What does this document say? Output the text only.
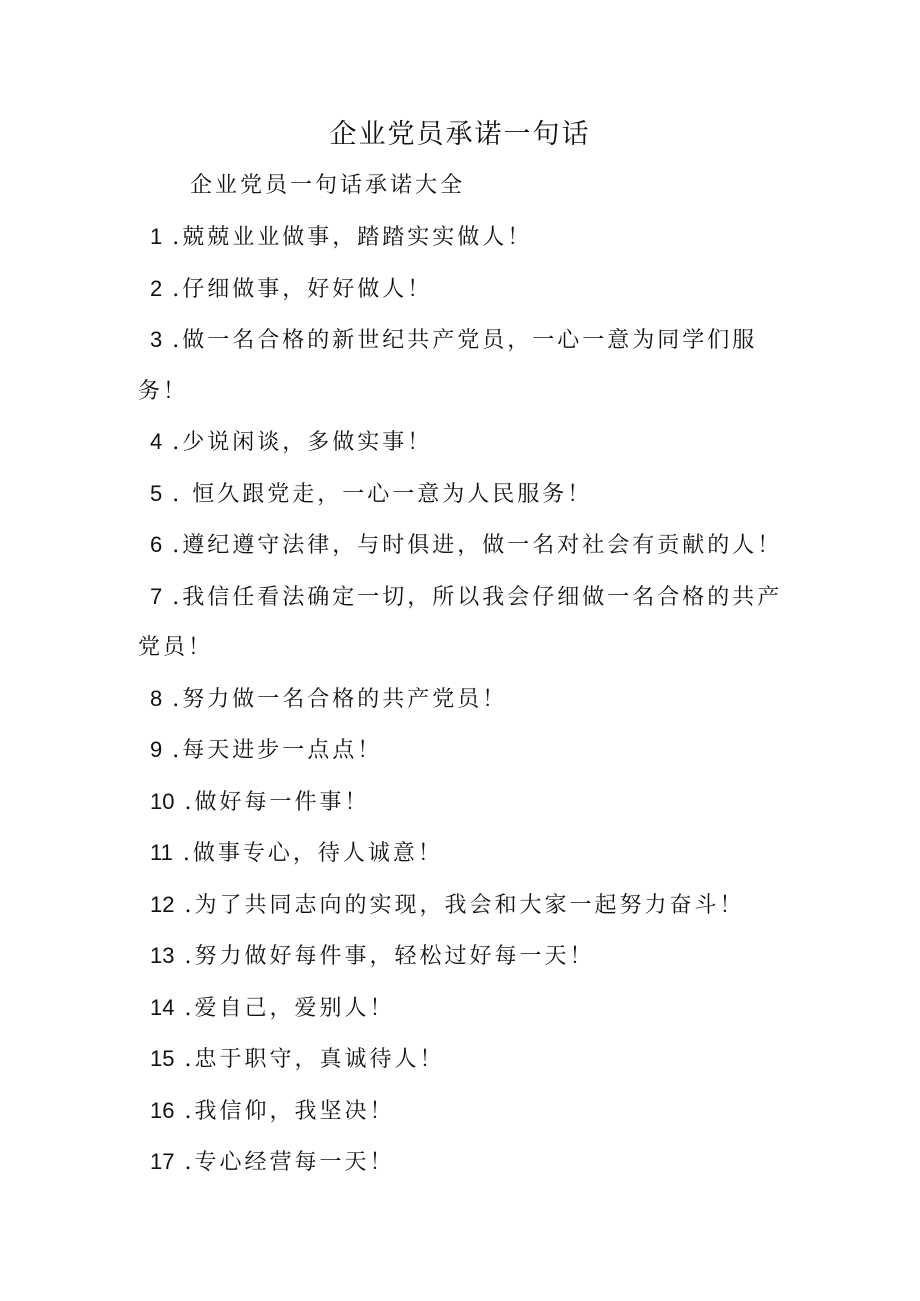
企业党员承诺一句话

企业党员一句话承诺大全

1 .兢兢业业做事，踏踏实实做人！
2 .仔细做事，好好做人！
3 .做一名合格的新世纪共产党员，一心一意为同学们服务！
4 .少说闲谈，多做实事！
5 . 恒久跟党走，一心一意为人民服务！
6 .遵纪遵守法律，与时俱进，做一名对社会有贡献的人！
7 .我信任看法确定一切，所以我会仔细做一名合格的共产党员！
8 .努力做一名合格的共产党员！
9 .每天进步一点点！
10 .做好每一件事！
11 .做事专心，待人诚意！
12 .为了共同志向的实现，我会和大家一起努力奋斗！
13 .努力做好每件事，轻松过好每一天！
14 .爱自己，爱别人！
15 .忠于职守，真诚待人！
16 .我信仰，我坚决！
17 .专心经营每一天！
